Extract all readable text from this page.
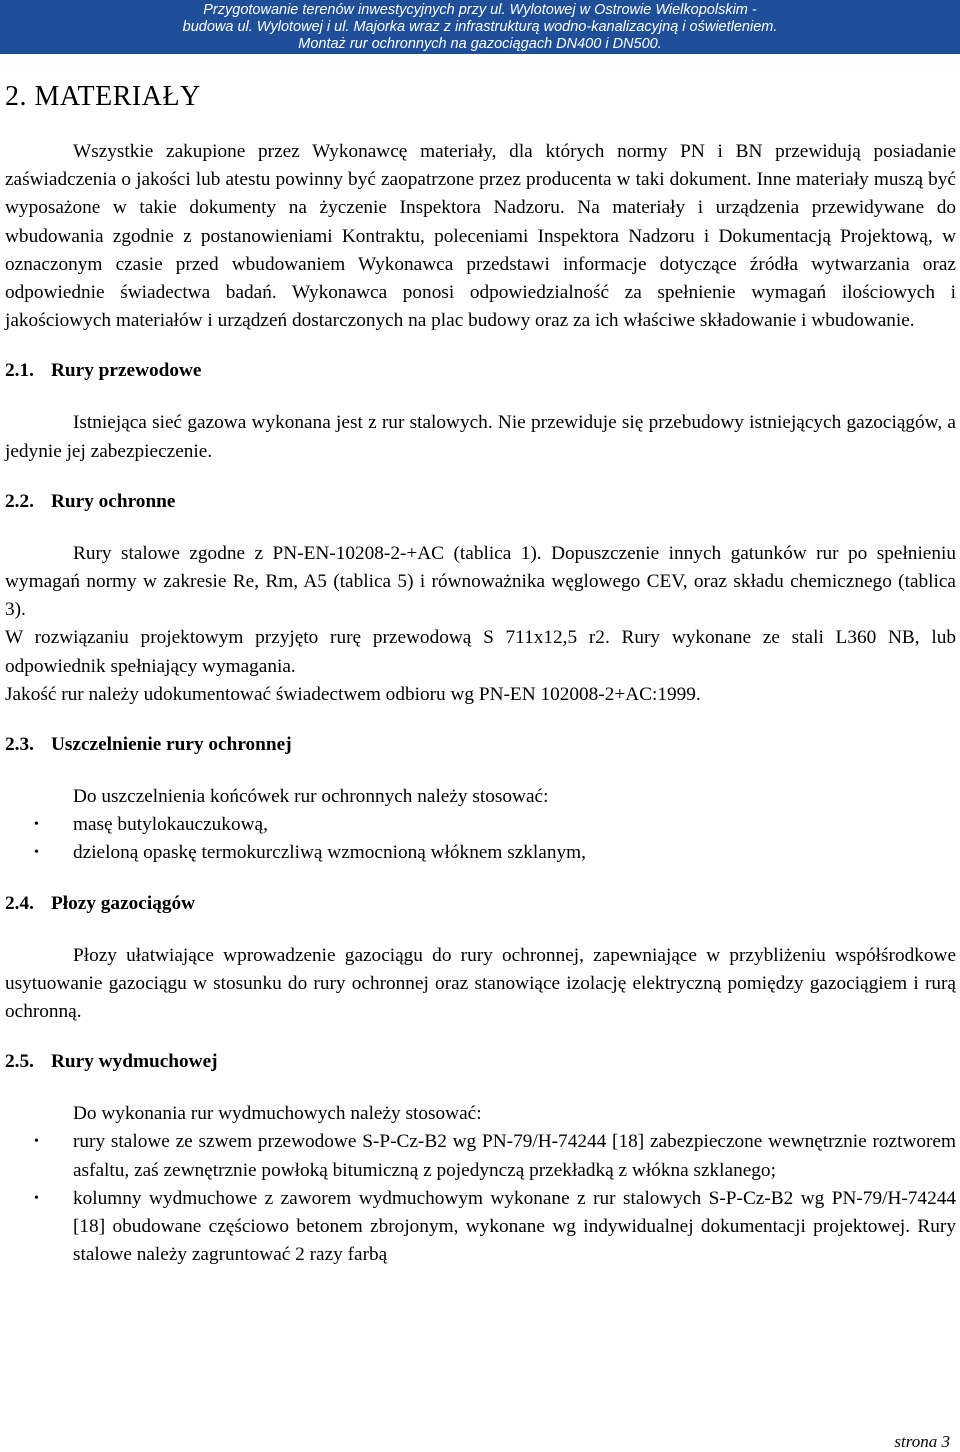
Przygotowanie terenów inwestycyjnych przy ul. Wylotowej w Ostrowie Wielkopolskim -
budowa ul. Wylotowej i ul. Majorka wraz z infrastrukturą wodno-kanalizacyjną i oświetleniem.
Montaż rur ochronnych na gazociągach DN400 i DN500.
2. MATERIAŁY

Wszystkie zakupione przez Wykonawcę materiały, dla których normy PN i BN przewidują posiadanie zaświadczenia o jakości lub atestu powinny być zaopatrzone przez producenta w taki dokument. Inne materiały muszą być wyposażone w takie dokumenty na życzenie Inspektora Nadzoru. Na materiały i urządzenia przewidywane do wbudowania zgodnie z postanowieniami Kontraktu, poleceniami Inspektora Nadzoru i Dokumentacją Projektową, w oznaczonym czasie przed wbudowaniem Wykonawca przedstawi informacje dotyczące źródła wytwarzania oraz odpowiednie świadectwa badań. Wykonawca ponosi odpowiedzialność za spełnienie wymagań ilościowych i jakościowych materiałów i urządzeń dostarczonych na plac budowy oraz za ich właściwe składowanie i wbudowanie.

2.1. Rury przewodowe

Istniejąca sieć gazowa wykonana jest z rur stalowych. Nie przewiduje się przebudowy istniejących gazociągów, a jedynie jej zabezpieczenie.

2.2. Rury ochronne

Rury stalowe zgodne z PN-EN-10208-2-+AC (tablica 1). Dopuszczenie innych gatunków rur po spełnieniu wymagań normy w zakresie Re, Rm, A5 (tablica 5) i równoważnika węglowego CEV, oraz składu chemicznego (tablica 3).

W rozwiązaniu projektowym przyjęto rurę przewodową S 711x12,5 r2. Rury wykonane ze stali L360 NB, lub odpowiednik spełniający wymagania.

Jakość rur należy udokumentować świadectwem odbioru wg PN-EN 102008-2+AC:1999.

2.3. Uszczelnienie rury ochronnej

Do uszczelnienia końcówek rur ochronnych należy stosować:

• masę butylokauczukową,
• dzieloną opaskę termokurczliwą wzmocnioną włóknem szklanym,
2.4. Płozy gazociągów

Płozy ułatwiające wprowadzenie gazociągu do rury ochronnej, zapewniające w przybliżeniu współśrodkowe usytuowanie gazociągu w stosunku do rury ochronnej oraz stanowiące izolację elektryczną pomiędzy gazociągiem i rurą ochronną.

2.5. Rury wydmuchowej

Do wykonania rur wydmuchowych należy stosować:

• rury stalowe ze szwem przewodowe S-P-Cz-B2 wg PN-79/H-74244 [18] zabezpieczone wewnętrznie roztworem asfaltu, zaś zewnętrznie powłoką bitumiczną z pojedynczą przekładką z włókna szklanego;
• kolumny wydmuchowe z zaworem wydmuchowym wykonane z rur stalowych S-P-Cz-B2 wg PN-79/H-74244 [18] obudowane częściowo betonem zbrojonym, wykonane wg indywidualnej dokumentacji projektowej. Rury stalowe należy zagruntować 2 razy farbą
strona 3
